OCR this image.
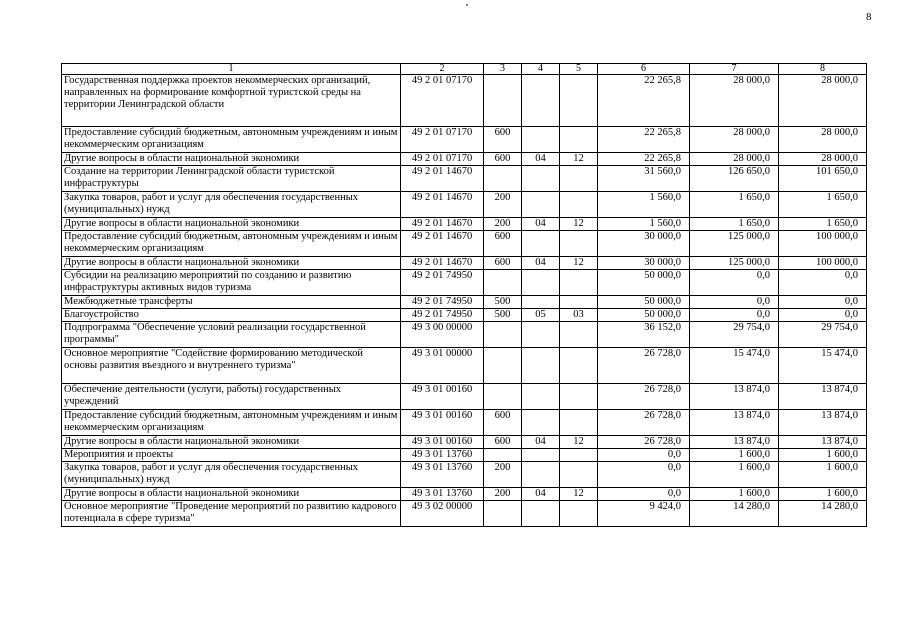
8
1	2	3	4	5	6	7	8
Государственная поддержка проектов некоммерческих организаций, направленных на формирование комфортной туристской среды на территории Ленинградской области	49 2 01 07170				22 265,8	28 000,0	28 000,0
Предоставление субсидий бюджетным, автономным учреждениям и иным некоммерческим организациям	49 2 01 07170	600			22 265,8	28 000,0	28 000,0
Другие вопросы в области национальной экономики	49 2 01 07170	600	04	12	22 265,8	28 000,0	28 000,0
Создание на территории Ленинградской области туристской инфраструктуры	49 2 01 14670				31 560,0	126 650,0	101 650,0
Закупка товаров, работ и услуг для обеспечения государственных (муниципальных) нужд	49 2 01 14670	200			1 560,0	1 650,0	1 650,0
Другие вопросы в области национальной экономики	49 2 01 14670	200	04	12	1 560,0	1 650,0	1 650,0
Предоставление субсидий бюджетным, автономным учреждениям и иным некоммерческим организациям	49 2 01 14670	600			30 000,0	125 000,0	100 000,0
Другие вопросы в области национальной экономики	49 2 01 14670	600	04	12	30 000,0	125 000,0	100 000,0
Субсидии на реализацию мероприятий по созданию и развитию инфраструктуры активных видов туризма	49 2 01 74950				50 000,0	0,0	0,0
Межбюджетные трансферты	49 2 01 74950	500			50 000,0	0,0	0,0
Благоустройство	49 2 01 74950	500	05	03	50 000,0	0,0	0,0
Подпрограмма "Обеспечение условий реализации государственной программы"	49 3 00 00000				36 152,0	29 754,0	29 754,0
Основное мероприятие "Содействие формированию методической основы развития въездного и внутреннего туризма"	49 3 01 00000				26 728,0	15 474,0	15 474,0
Обеспечение деятельности (услуги, работы) государственных учреждений	49 3 01 00160				26 728,0	13 874,0	13 874,0
Предоставление субсидий бюджетным, автономным учреждениям и иным некоммерческим организациям	49 3 01 00160	600			26 728,0	13 874,0	13 874,0
Другие вопросы в области национальной экономики	49 3 01 00160	600	04	12	26 728,0	13 874,0	13 874,0
Мероприятия и проекты	49 3 01 13760				0,0	1 600,0	1 600,0
Закупка товаров, работ и услуг для обеспечения государственных (муниципальных) нужд	49 3 01 13760	200			0,0	1 600,0	1 600,0
Другие вопросы в области национальной экономики	49 3 01 13760	200	04	12	0,0	1 600,0	1 600,0
Основное мероприятие "Проведение мероприятий по развитию кадрового потенциала в сфере туризма"	49 3 02 00000				9 424,0	14 280,0	14 280,0
